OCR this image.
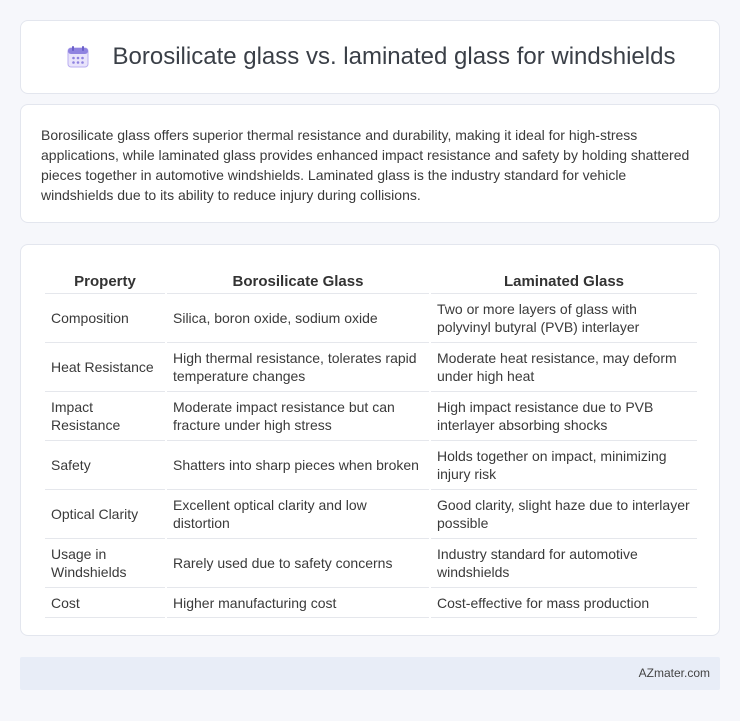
Borosilicate glass vs. laminated glass for windshields

Borosilicate glass offers superior thermal resistance and durability, making it ideal for high-stress applications, while laminated glass provides enhanced impact resistance and safety by holding shattered pieces together in automotive windshields. Laminated glass is the industry standard for vehicle windshields due to its ability to reduce injury during collisions.

Property	Borosilicate Glass	Laminated Glass
Composition	Silica, boron oxide, sodium oxide	Two or more layers of glass with polyvinyl butyral (PVB) interlayer
Heat Resistance	High thermal resistance, tolerates rapid temperature changes	Moderate heat resistance, may deform under high heat
Impact Resistance	Moderate impact resistance but can fracture under high stress	High impact resistance due to PVB interlayer absorbing shocks
Safety	Shatters into sharp pieces when broken	Holds together on impact, minimizing injury risk
Optical Clarity	Excellent optical clarity and low distortion	Good clarity, slight haze due to interlayer possible
Usage in Windshields	Rarely used due to safety concerns	Industry standard for automotive windshields
Cost	Higher manufacturing cost	Cost-effective for mass production
AZmater.com
